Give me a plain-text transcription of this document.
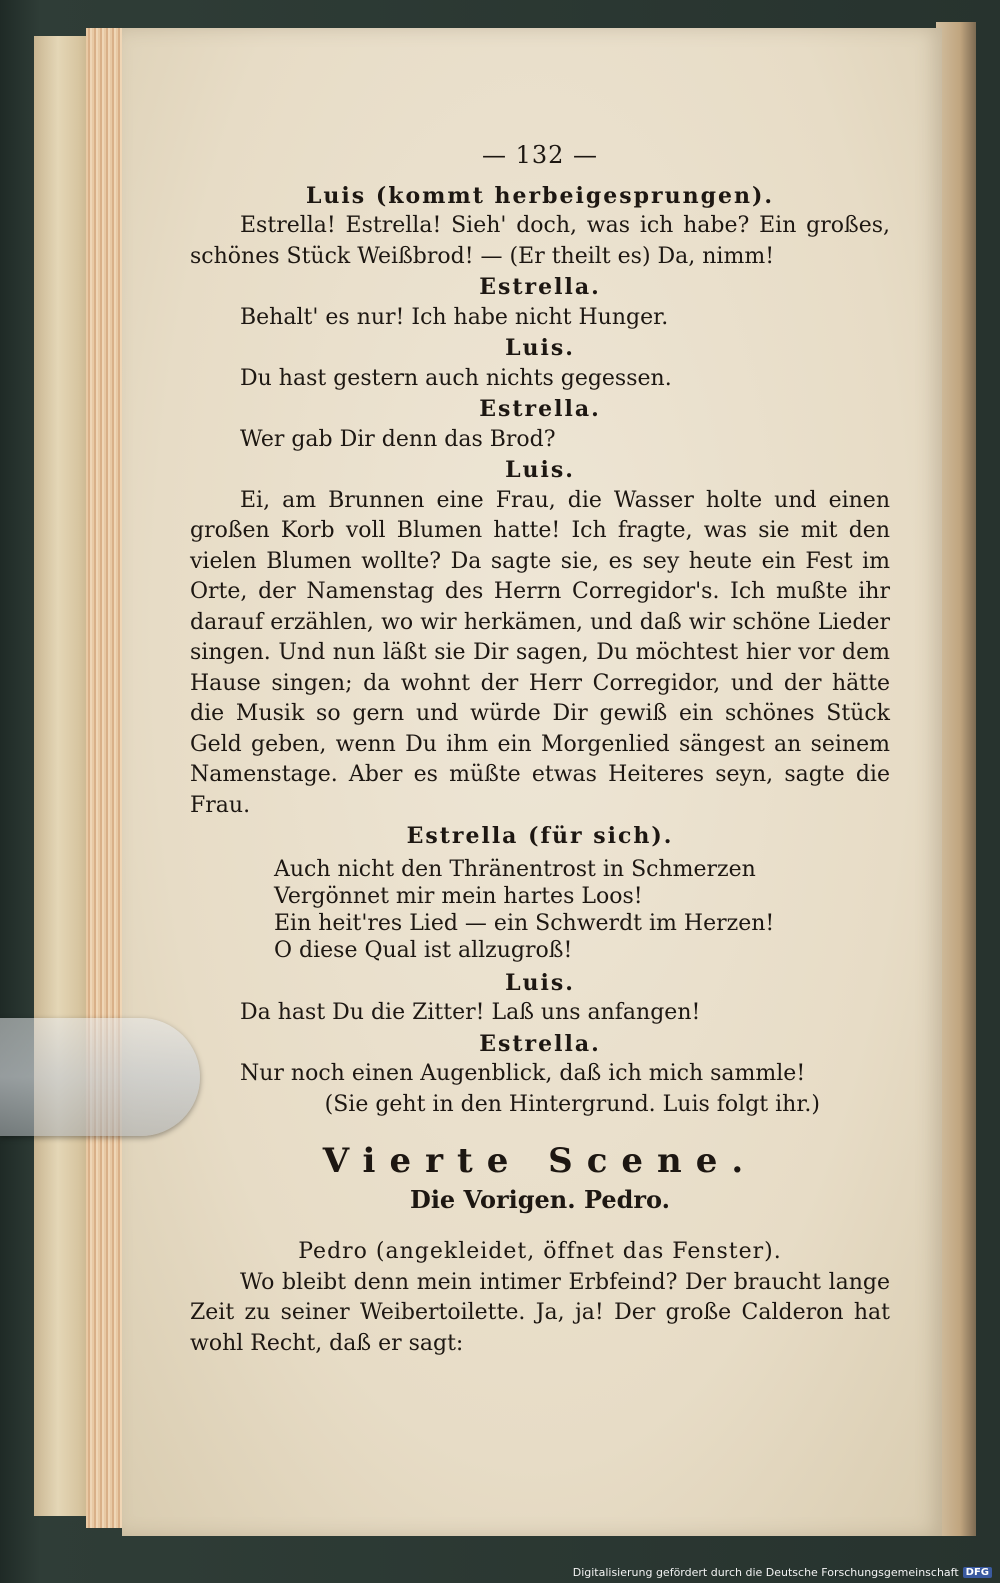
— 132 —
Luis (kommt herbeigesprungen).

Estrella! Estrella! Sieh' doch, was ich habe? Ein großes, schönes Stück Weißbrod! — (Er theilt es) Da, nimm!

Estrella.

Behalt' es nur! Ich habe nicht Hunger.

Luis.

Du hast gestern auch nichts gegessen.

Estrella.

Wer gab Dir denn das Brod?

Luis.

Ei, am Brunnen eine Frau, die Wasser holte und einen großen Korb voll Blumen hatte! Ich fragte, was sie mit den vielen Blumen wollte? Da sagte sie, es sey heute ein Fest im Orte, der Namenstag des Herrn Corregidor's. Ich mußte ihr darauf erzählen, wo wir herkämen, und daß wir schöne Lieder singen. Und nun läßt sie Dir sagen, Du möchtest hier vor dem Hause singen; da wohnt der Herr Corregidor, und der hätte die Musik so gern und würde Dir gewiß ein schönes Stück Geld geben, wenn Du ihm ein Morgenlied sängest an seinem Namenstage. Aber es müßte etwas Heiteres seyn, sagte die Frau.

Estrella (für sich).
Auch nicht den Thränentrost in Schmerzen
Vergönnet mir mein hartes Loos!
Ein heit'res Lied — ein Schwerdt im Herzen!
O diese Qual ist allzugroß!
Luis.

Da hast Du die Zitter! Laß uns anfangen!

Estrella.

Nur noch einen Augenblick, daß ich mich sammle!

(Sie geht in den Hintergrund. Luis folgt ihr.)
Vierte Scene.
Die Vorigen. Pedro.
Pedro (angekleidet, öffnet das Fenster).

Wo bleibt denn mein intimer Erbfeind? Der braucht lange Zeit zu seiner Weibertoilette. Ja, ja! Der große Calderon hat wohl Recht, daß er sagt:

Digitalisierung gefördert durch die Deutsche Forschungsgemeinschaft DFG
